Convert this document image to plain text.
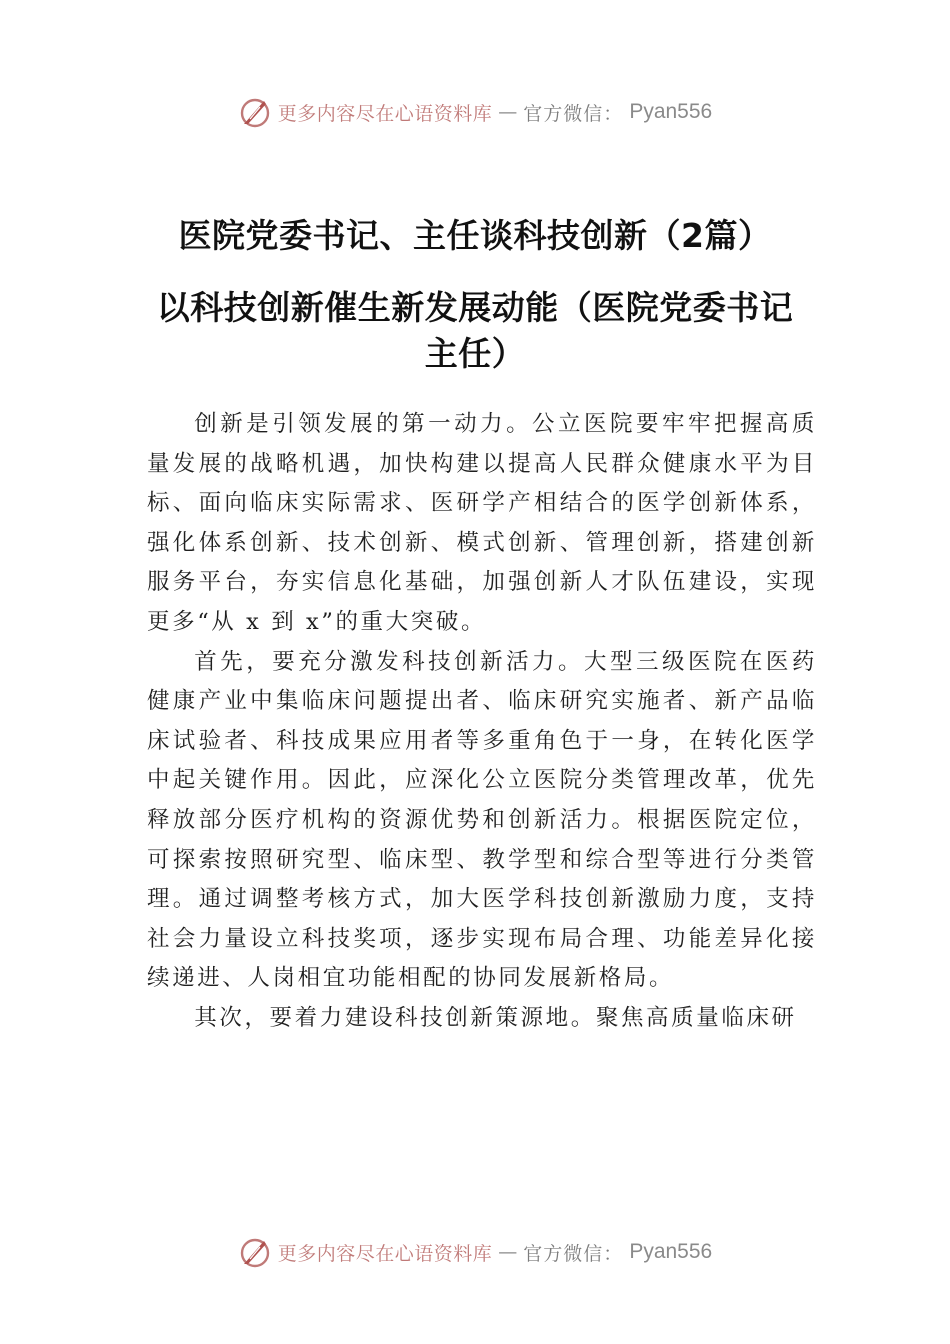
更多内容尽在心语资料库 — 官方微信： Pyan556
医院党委书记、主任谈科技创新（2篇）
以科技创新催生新发展动能（医院党委书记 主任）

创新是引领发展的第一动力。公立医院要牢牢把握高质量发展的战略机遇，加快构建以提高人民群众健康水平为目标、面向临床实际需求、医研学产相结合的医学创新体系，强化体系创新、技术创新、模式创新、管理创新，搭建创新服务平台，夯实信息化基础，加强创新人才队伍建设，实现更多“从 x 到 x”的重大突破。

首先，要充分激发科技创新活力。大型三级医院在医药健康产业中集临床问题提出者、临床研究实施者、新产品临床试验者、科技成果应用者等多重角色于一身，在转化医学中起关键作用。因此，应深化公立医院分类管理改革，优先释放部分医疗机构的资源优势和创新活力。根据医院定位，可探索按照研究型、临床型、教学型和综合型等进行分类管理。通过调整考核方式，加大医学科技创新激励力度，支持社会力量设立科技奖项，逐步实现布局合理、功能差异化接续递进、人岗相宜功能相配的协同发展新格局。

其次，要着力建设科技创新策源地。聚焦高质量临床研

更多内容尽在心语资料库 — 官方微信： Pyan556
